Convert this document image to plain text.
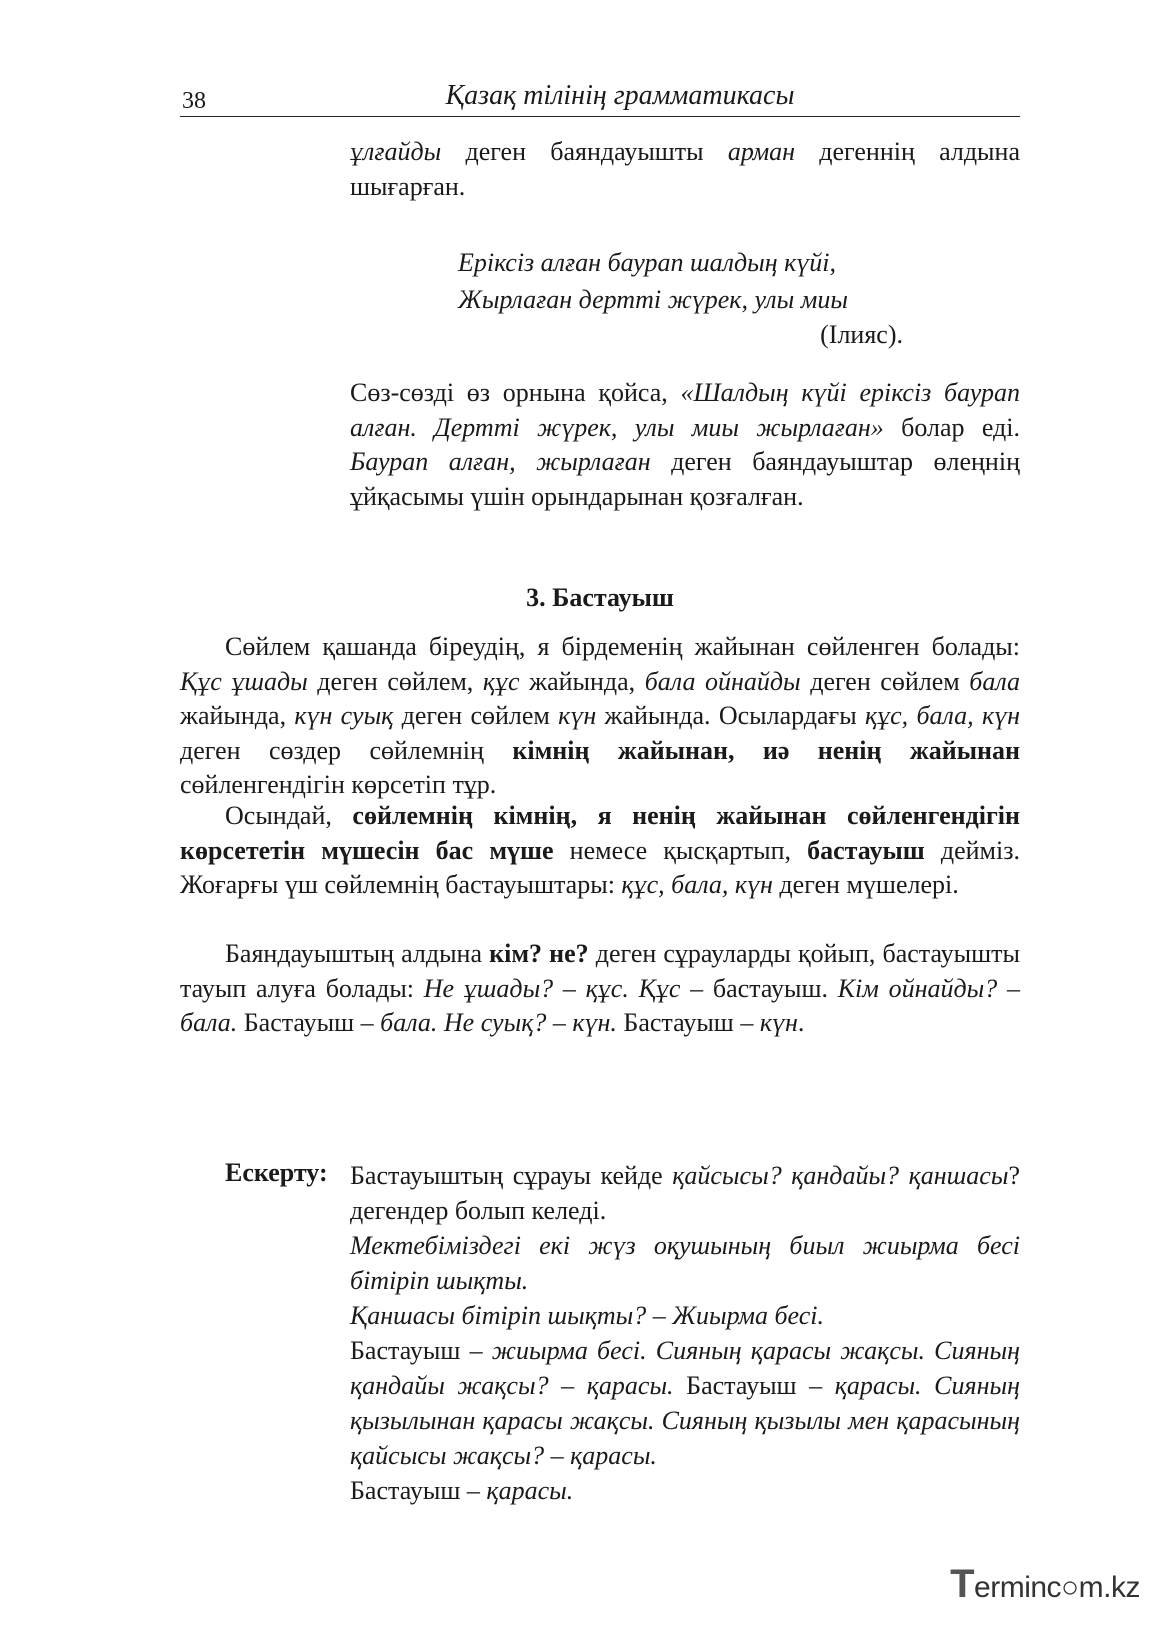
38	Қазақ тілінің грамматикасы

ұлғайды деген баяндауышты арман дегеннің алдына шығарған.

Еріксіз алған баурап шалдың күйі,
Жырлаған дертті жүрек, улы миы
(Ілияс).

Сөз-сөзді өз орнына қойса, «Шалдың күйі еріксіз баурап алған. Дертті жүрек, улы миы жырлаған» болар еді. Баурап алған, жырлаған деген баяндауыштар өлеңнің ұйқасымы үшін орындарынан қозғалған.

3. Бастауыш

Сөйлем қашанда біреудің, я бірдеменің жайынан сөйленген болады: Құс ұшады деген сөйлем, құс жайында, бала ойнайды деген сөйлем бала жайында, күн суық деген сөйлем күн жайында. Осылардағы құс, бала, күн деген сөздер сөйлемнің кімнің жайынан, иә ненің жайынан сөйленгендігін көрсетіп тұр.

Осындай, сөйлемнің кімнің, я ненің жайынан сөйленгендігін көрсететін мүшесін бас мүше немесе қысқартып, бастауыш дейміз. Жоғарғы үш сөйлемнің бастауыштары: құс, бала, күн деген мүшелері.

Баяндауыштың алдына кім? не? деген сұрауларды қойып, бастауышты тауып алуға болады: Не ұшады? – құс. Құс – бастауыш. Кім ойнайды? – бала. Бастауыш – бала. Не суық? – күн. Бастауыш – күн.

Ескерту: Бастауыштың сұрауы кейде қайсысы? қандайы? қаншасы? дегендер болып келеді.
Мектебіміздегі екі жүз оқушының биыл жиырма бесі бітіріп шықты.
Қаншасы бітіріп шықты? – Жиырма бесі.
Бастауыш – жиырма бесі. Сияның қарасы жақсы. Сияның қандайы жақсы? – қарасы. Бастауыш – қарасы. Сияның қызылынан қарасы жақсы. Сияның қызылы мен қарасының қайсысы жақсы? – қарасы.
Бастауыш – қарасы.
Terminc○m.kz
